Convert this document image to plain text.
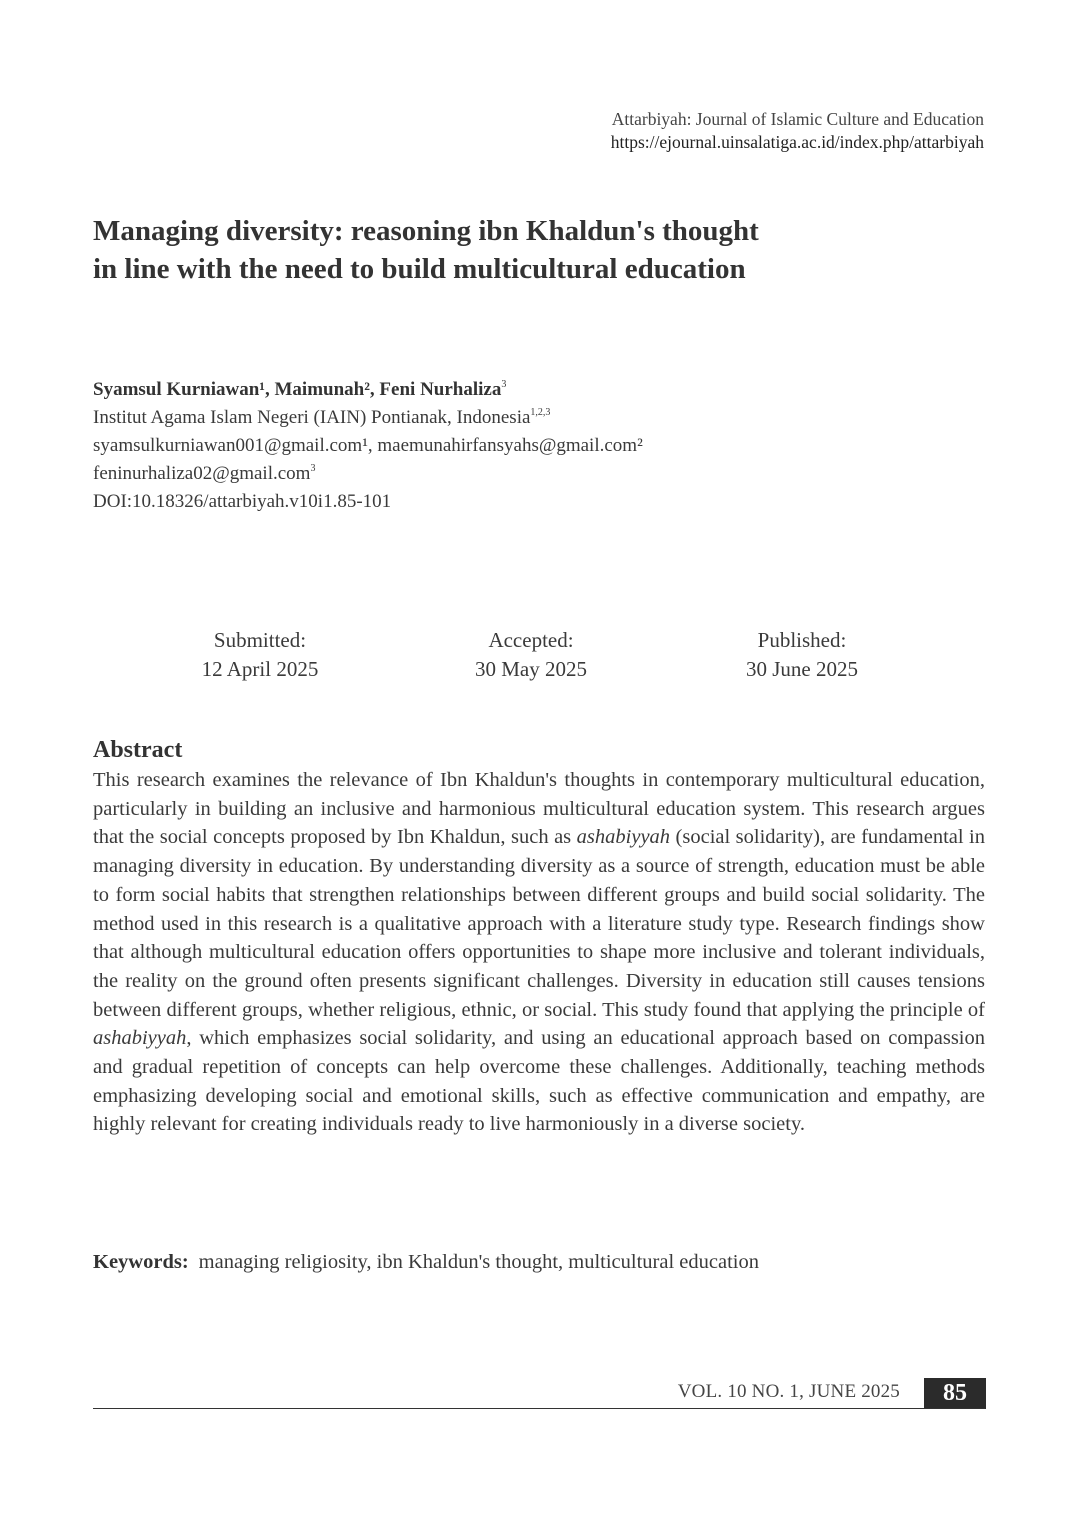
Attarbiyah: Journal of Islamic Culture and Education
https://ejournal.uinsalatiga.ac.id/index.php/attarbiyah
Managing diversity: reasoning ibn Khaldun's thought
in line with the need to build multicultural education
Syamsul Kurniawan¹, Maimunah², Feni Nurhaliza$^3$
Institut Agama Islam Negeri (IAIN) Pontianak, Indonesia$^{1,2,3}$
syamsulkurniawan001@gmail.com¹, maemunahirfansyahs@gmail.com²
feninurhaliza02@gmail.com$^3$
DOI:10.18326/attarbiyah.v10i1.85-101
Submitted:
12 April 2025
Accepted:
30 May 2025
Published:
30 June 2025
Abstract

This research examines the relevance of Ibn Khaldun's thoughts in contemporary multicultural education, particularly in building an inclusive and harmonious multicultural education system. This research argues that the social concepts proposed by Ibn Khaldun, such as ashabiyyah (social solidarity), are fundamental in managing diversity in education. By understanding diversity as a source of strength, education must be able to form social habits that strengthen relationships between different groups and build social solidarity. The method used in this research is a qualitative approach with a literature study type. Research findings show that although multicultural education offers opportunities to shape more inclusive and tolerant individuals, the reality on the ground often presents significant challenges. Diversity in education still causes tensions between different groups, whether religious, ethnic, or social. This study found that applying the principle of ashabiyyah, which emphasizes social solidarity, and using an educational approach based on compassion and gradual repetition of concepts can help overcome these challenges. Additionally, teaching methods emphasizing developing social and emotional skills, such as effective communication and empathy, are highly relevant for creating individuals ready to live harmoniously in a diverse society.

Keywords: managing religiosity, ibn Khaldun's thought, multicultural education
VOL. 10 NO. 1, JUNE 2025	85
